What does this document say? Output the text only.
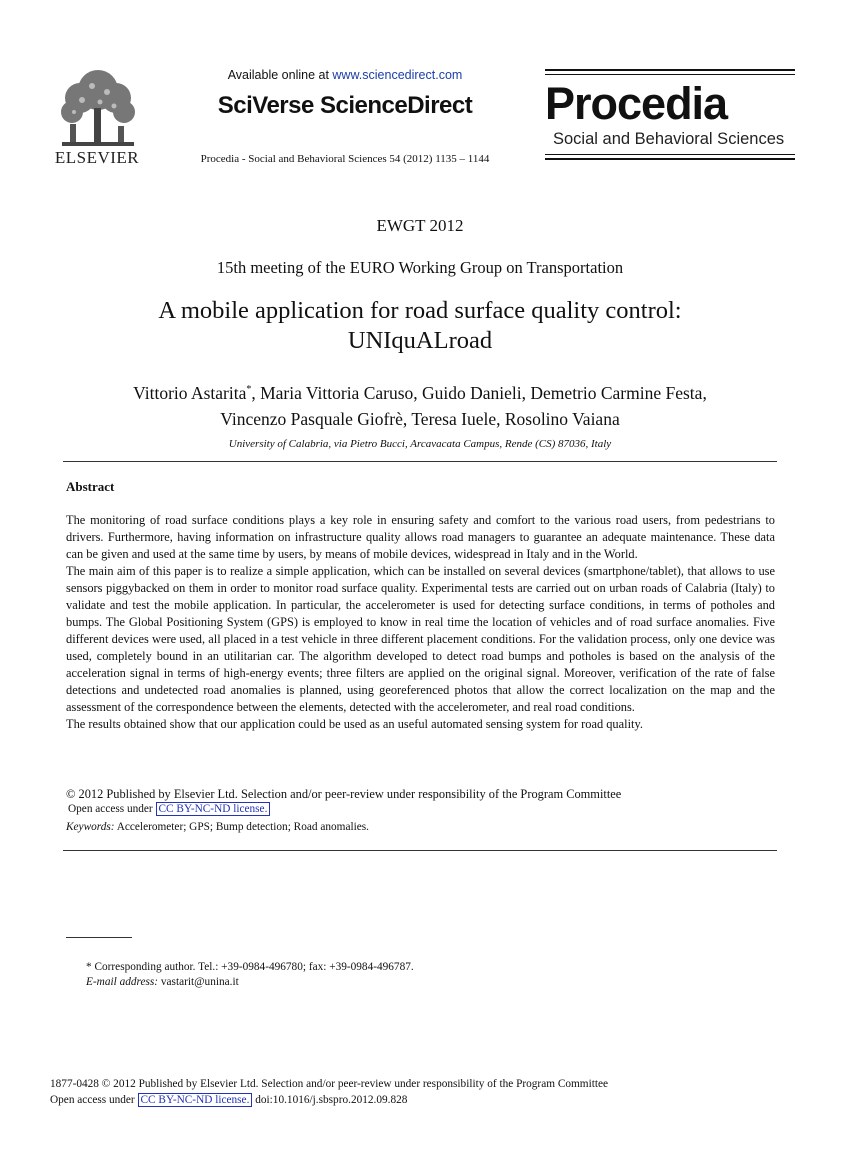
ELSEVIER
Available online at www.sciencedirect.com
SciVerse ScienceDirect
Procedia - Social and Behavioral Sciences 54 (2012) 1135 – 1144
Procedia
Social and Behavioral Sciences
EWGT 2012
15th meeting of the EURO Working Group on Transportation
A mobile application for road surface quality control:
UNIquALroad
Vittorio Astarita*, Maria Vittoria Caruso, Guido Danieli, Demetrio Carmine Festa,
Vincenzo Pasquale Giofrè, Teresa Iuele, Rosolino Vaiana
University of Calabria, via Pietro Bucci, Arcavacata Campus, Rende (CS) 87036, Italy
Abstract

The monitoring of road surface conditions plays a key role in ensuring safety and comfort to the various road users, from pedestrians to drivers. Furthermore, having information on infrastructure quality allows road managers to guarantee an adequate maintenance. These data can be given and used at the same time by users, by means of mobile devices, widespread in Italy and in the World.

The main aim of this paper is to realize a simple application, which can be installed on several devices (smartphone/tablet), that allows to use sensors piggybacked on them in order to monitor road surface quality. Experimental tests are carried out on urban roads of Calabria (Italy) to validate and test the mobile application. In particular, the accelerometer is used for detecting surface conditions, in terms of potholes and bumps. The Global Positioning System (GPS) is employed to know in real time the location of vehicles and of road surface anomalies. Five different devices were used, all placed in a test vehicle in three different placement conditions. For the validation process, only one device was used, completely bound in an utilitarian car. The algorithm developed to detect road bumps and potholes is based on the analysis of the acceleration signal in terms of high-energy events; three filters are applied on the original signal. Moreover, verification of the rate of false detections and undetected road anomalies is planned, using georeferenced photos that allow the correct localization on the map and the assessment of the correspondence between the elements, detected with the accelerometer, and real road conditions.

The results obtained show that our application could be used as an useful automated sensing system for road quality.

© 2012 Published by Elsevier Ltd. Selection and/or peer-review under responsibility of the Program Committee
Open access under CC BY-NC-ND license.
Keywords: Accelerometer; GPS; Bump detection; Road anomalies.
* Corresponding author. Tel.: +39-0984-496780; fax: +39-0984-496787.
E-mail address: vastarit@unina.it
1877-0428 © 2012 Published by Elsevier Ltd. Selection and/or peer-review under responsibility of the Program Committee
Open access under CC BY-NC-ND license. doi:10.1016/j.sbspro.2012.09.828
